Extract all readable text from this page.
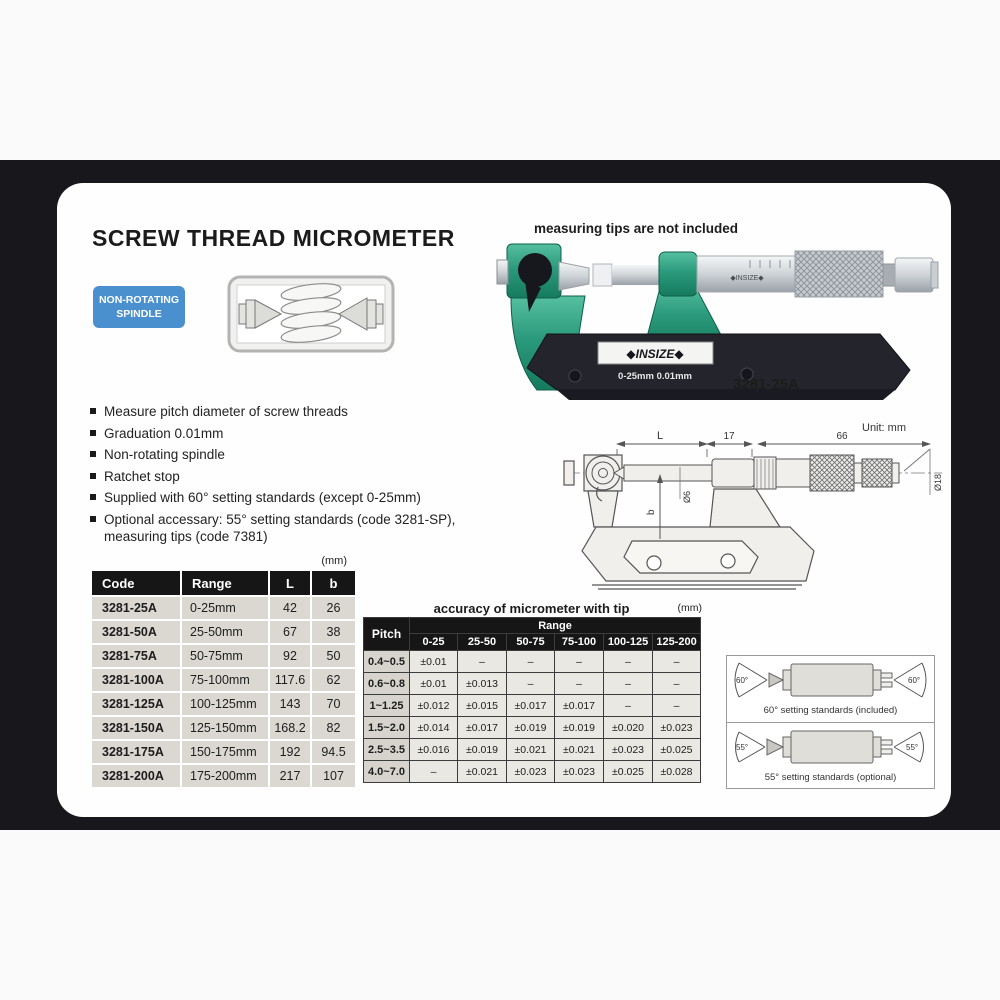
SCREW THREAD MICROMETER
NON-ROTATING SPINDLE
measuring tips are not included
◆INSIZE◆
0-25mm 0.01mm
◆INSIZE◆
3281-25A
Measure pitch diameter of screw threads
Graduation 0.01mm
Non-rotating spindle
Ratchet stop
Supplied with 60° setting standards (except 0-25mm)
Optional accessary: 55° setting standards (code 3281-SP), measuring tips (code 7381)
Unit: mm
L	17	66
b
Ø6
Ø18
(mm)
Code	Range	L	b
3281-25A	0-25mm	42	26
3281-50A	25-50mm	67	38
3281-75A	50-75mm	92	50
3281-100A	75-100mm	117.6	62
3281-125A	100-125mm	143	70
3281-150A	125-150mm	168.2	82
3281-175A	150-175mm	192	94.5
3281-200A	175-200mm	217	107
accuracy of micrometer with tip	(mm)
Pitch	Range					
	0-25	25-50	50-75	75-100	100-125	125-200
0.4~0.5	±0.01	–	–	–	–	–
0.6~0.8	±0.01	±0.013	–	–	–	–
1~1.25	±0.012	±0.015	±0.017	±0.017	–	–
1.5~2.0	±0.014	±0.017	±0.019	±0.019	±0.020	±0.023
2.5~3.5	±0.016	±0.019	±0.021	±0.021	±0.023	±0.025
4.0~7.0	–	±0.021	±0.023	±0.023	±0.025	±0.028
60°	60°
60° setting standards (included)
55°	55°
55° setting standards (optional)
